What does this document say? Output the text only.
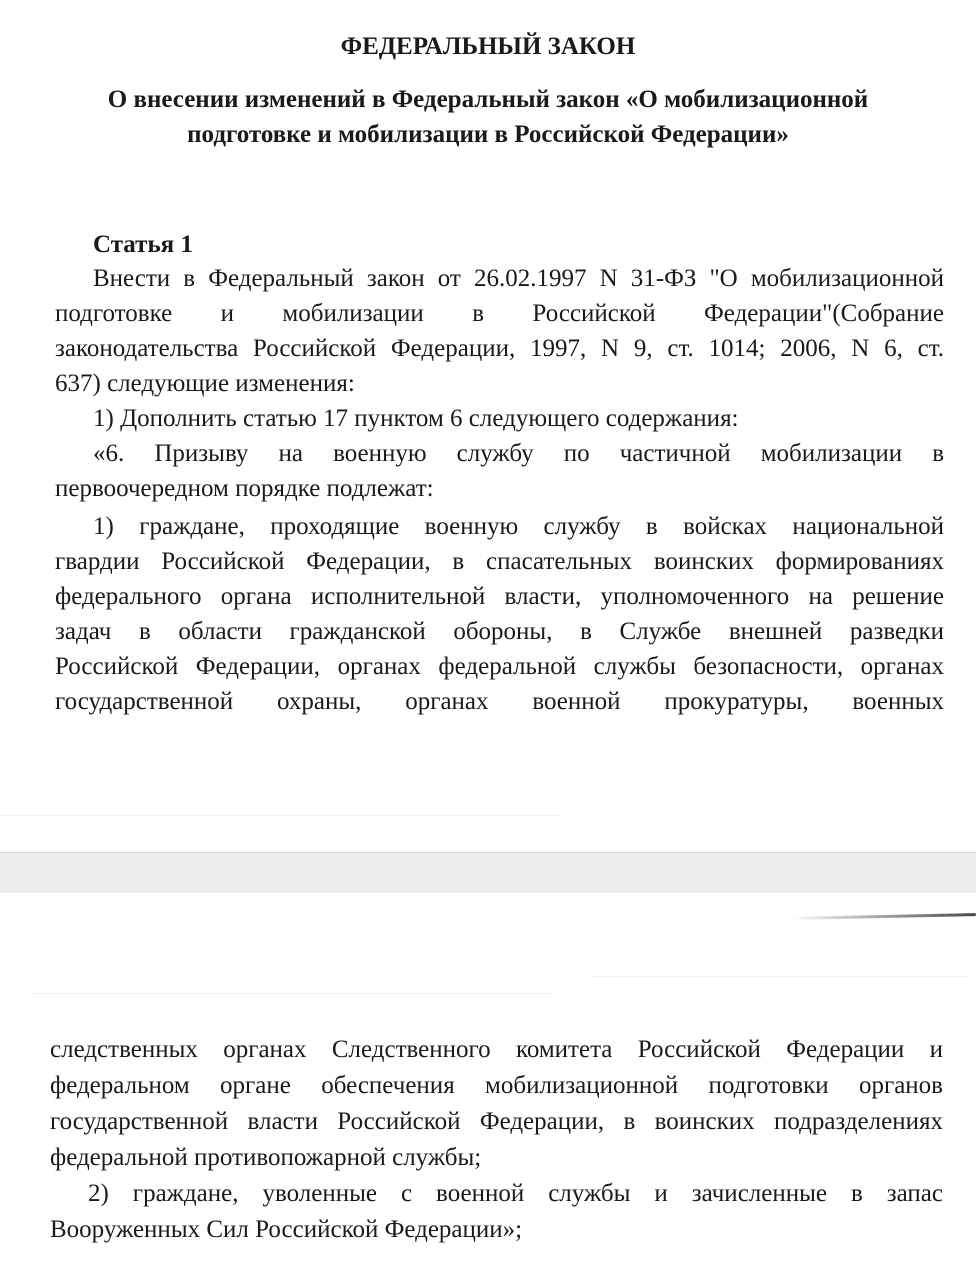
ФЕДЕРАЛЬНЫЙ ЗАКОН
О внесении изменений в Федеральный закон «О мобилизационной
подготовке и мобилизации в Российской Федерации»
Статья 1
Внести в Федеральный закон от 26.02.1997 N 31-ФЗ "О мобилизационной
подготовке и мобилизации в Российской Федерации"(Собрание
законодательства Российской Федерации, 1997, N 9, ст. 1014; 2006, N 6, ст.
637) следующие изменения:
1) Дополнить статью 17 пунктом 6 следующего содержания:
«6. Призыву на военную службу по частичной мобилизации в
первоочередном порядке подлежат:
1) граждане, проходящие военную службу в войсках национальной
гвардии Российской Федерации, в спасательных воинских формированиях
федерального органа исполнительной власти, уполномоченного на решение
задач в области гражданской обороны, в Службе внешней разведки
Российской Федерации, органах федеральной службы безопасности, органах
государственной охраны, органах военной прокуратуры, военных
следственных органах Следственного комитета Российской Федерации и
федеральном органе обеспечения мобилизационной подготовки органов
государственной власти Российской Федерации, в воинских подразделениях
федеральной противопожарной службы;
2) граждане, уволенные с военной службы и зачисленные в запас
Вооруженных Сил Российской Федерации»;
